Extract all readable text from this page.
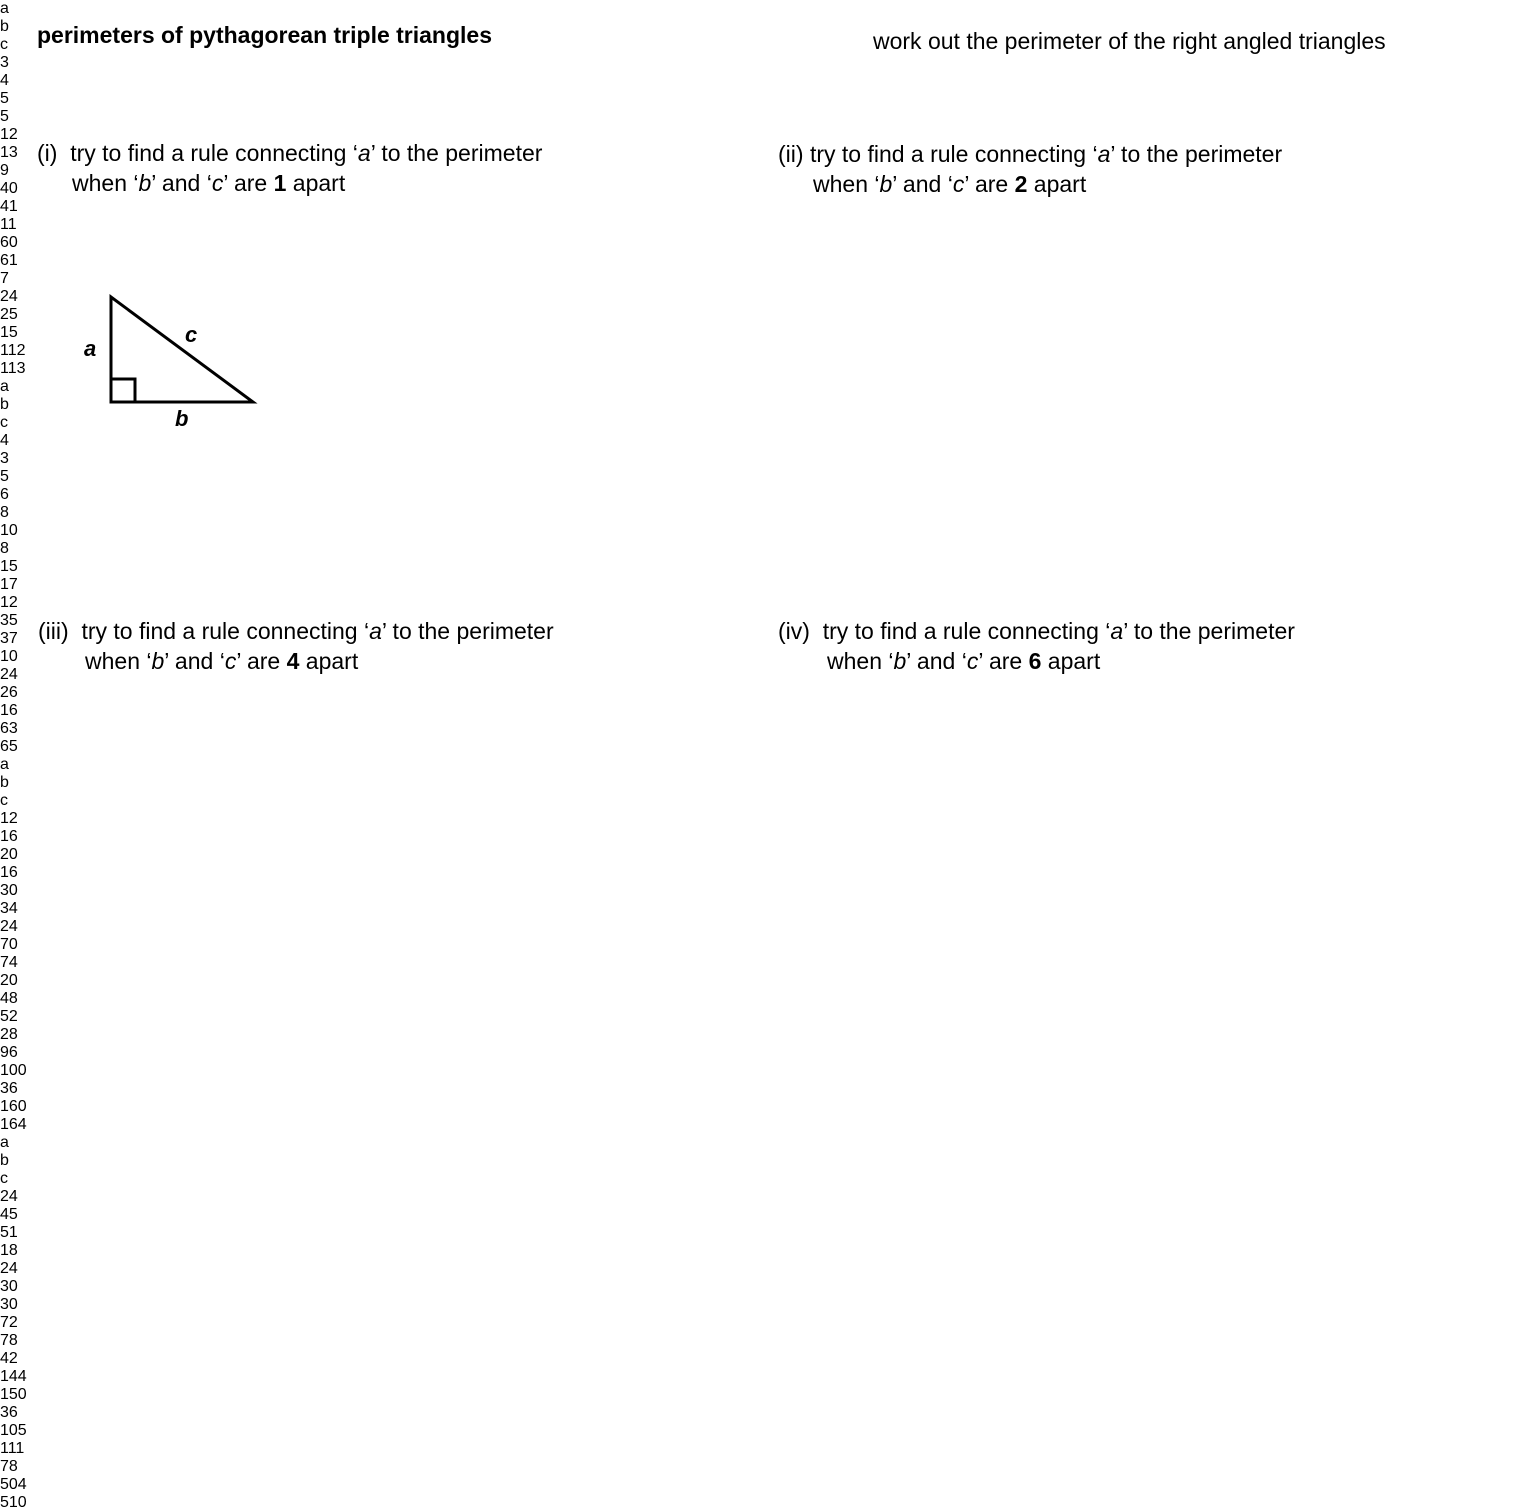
perimeters of pythagorean triple triangles	work out the perimeter of the right angled triangles
a
c
b
(i) try to find a rule connecting ‘a’ to the perimeter
when ‘b’ and ‘c’ are 1 apart
(ii) try to find a rule connecting ‘a’ to the perimeter
when ‘b’ and ‘c’ are 2 apart
(iii) try to find a rule connecting ‘a’ to the perimeter
when ‘b’ and ‘c’ are 4 apart
(iv) try to find a rule connecting ‘a’ to the perimeter
when ‘b’ and ‘c’ are 6 apart
a
b
c
3
4
5
5
12
13
9
40
41
11
60
61
7
24
25
15
112
113
a
b
c
4
3
5
6
8
10
8
15
17
12
35
37
10
24
26
16
63
65
a
b
c
12
16
20
16
30
34
24
70
74
20
48
52
28
96
100
36
160
164
a
b
c
24
45
51
18
24
30
30
72
78
42
144
150
36
105
111
78
504
510
